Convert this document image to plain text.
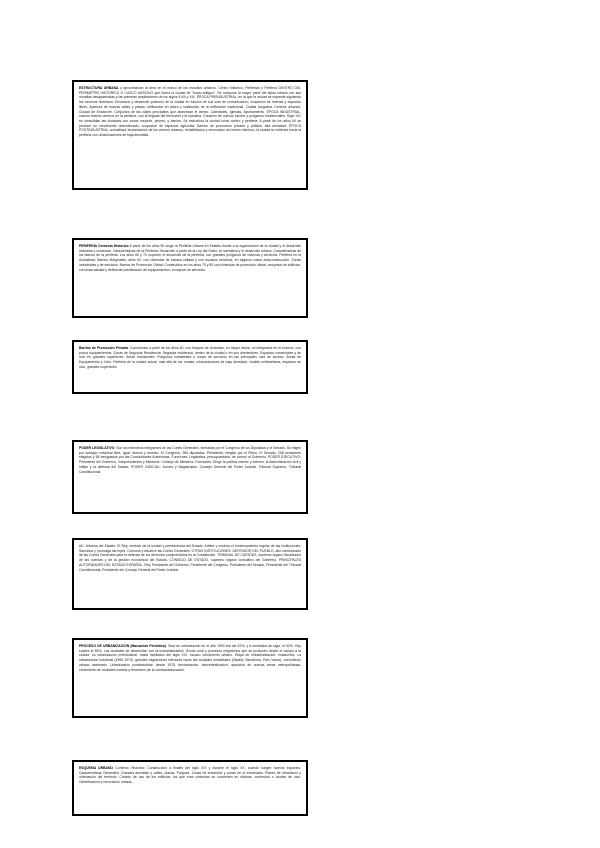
ESTRUCTURA URBANA y aproximación al área en el marco de los estudios urbanos. Centro histórico, Periferias y Periferia DENTRO DEL PERIMETRO HISTORICO O CASCO ANTIGUO que forma la ciudad de "fondo antiguo". Se compone la mayor parte del tejido urbano con sus murallas desaparecidas y las primeras ampliaciones de los siglos XVIII y XIX. ÉPOCA PREINDUSTRIAL, en la que la ciudad se expande siguiendo los caminos históricos. Ensanche y desarrollo posterior de la ciudad en función de sus vías de comunicación; ocupación de huertas y espacios libres. Apertura de nuevas calles y plazas, edificación en altura y sustitución de la edificación tradicional. Ciudad burguesa. Centros urbanos. Ciudad de Ensanche. Conjuntos de las calles principales que atraviesan el centro. Catedrales, Iglesias, Ayuntamiento. ÉPOCA INDUSTRIAL, nuevos barrios obreros en la periferia, con la llegada del ferrocarril y la industria. Creación de nuevos barrios y polígonos residenciales. Siglo XX: se consolidan las ciudades con zonas mejores, peores, y barrios. Se estructura la ciudad como centro y periferia. A partir de los años 60 se produce un crecimiento desordenado; ocupación de espacios agrícolas. Barrios de promoción privada y pública, alta densidad. ÉPOCA POSTINDUSTRIAL: actualidad, terciarización de los centros urbanos, rehabilitación y renovación del centro histórico, la ciudad se extiende hacia la periferia con urbanizaciones de baja densidad.

PERIFERIA Contexto Histórico A partir de los años 50 surge la Periferia Urbana en Estadio donde a la organización de la ciudad y el desarrollo industrial y comercial. Características de la Periferia: Desarrollo a partir de la Ley del Suelo, la normativa y el desarrollo urbano. Características de los barrios de la periferia. Los años 60 y 70 suponen el desarrollo de la periferia, con grandes polígonos de vivienda y servicios. Periferia en la Actualidad: Barrios Marginales, años 60, con viviendas de escasa calidad y con escasos servicios, en algunos casos autoconstrucción. Zonas industriales y de servicios. Barrios de Promoción Oficial: Construidos en los años 70 y 80 con viviendas de protección oficial, conjuntos de edificios, con mala calidad y deficiente planificación de equipamientos, a mejorar de servicios.

Barrios de Promoción Privada: Construidos a partir de los años 60, con bloques de viviendas, en mayor altura, no integrados en el entorno, con pocos equipamientos. Zonas de Segunda Residencia: Segunda residencia, dentro de la ciudad o en sus alrededores. Espacios comerciales y de ocio en grandes superficies. Áreas Industriales: Polígonos industriales y zonas de servicios en las principales vías de acceso. Áreas de Equipamiento y Ocio. Periferia de la ciudad actual, más allá de las rondas; urbanizaciones de baja densidad, chalets unifamiliares, espacios de ocio, grandes superficies.

PODER LEGISLATIVO: Son los miembros integrantes de las Cortes Generales, formadas por el Congreso de los Diputados y el Senado. Se eligen por sufragio universal libre, igual, directo y secreto. El Congreso: 350 diputados. Presidente: elegido por el Pleno. El Senado: 208 senadores elegidos y 58 designados por las Comunidades Autónomas. Funciones: Legislativa, presupuestaria, de control al Gobierno. PODER EJECUTIVO: Presidente del Gobierno, Vicepresidentes y Ministros. Consejo de Ministros. Funciones: Dirigir la política interior y exterior, la Administración civil y militar y la defensa del Estado. PODER JUDICIAL: Jueces y Magistrados. Consejo General del Poder Judicial. Tribunal Supremo. Tribunal Constitucional.

Art. Jefatura del Estado: El Rey, símbolo de la unidad y permanencia del Estado. Arbitra y modera el funcionamiento regular de las instituciones. Sanciona y promulga las leyes. Convoca y disuelve las Cortes Generales. OTRAS INSTITUCIONES: DEFENSOR DEL PUEBLO, alto comisionado de las Cortes Generales para la defensa de los derechos comprendidos en la Constitución. TRIBUNAL DE CUENTAS, supremo órgano fiscalizador de las cuentas y de la gestión económica del Estado. CONSEJO DE ESTADO, supremo órgano consultivo del Gobierno. PRINCIPALES AUTORIDADES DEL ESTADO ESPAÑOL: Rey, Presidente del Gobierno, Presidente del Congreso, Presidente del Senado, Presidente del Tribunal Constitucional, Presidente del Consejo General del Poder Judicial.

PROCESO DE URBANIZACIÓN (Marcación Periódica): Tasa de urbanización en el año 1900 era del 32%, y a mediados de siglo, el 52%. Hoy supera el 80%. Las ciudades se desarrollan con la industrialización. Éxodo rural y procesos migratorios que se producen desde el campo a la ciudad. La urbanización preindustrial: hasta mediados del siglo XIX, escaso crecimiento urbano. Etapa de industrialización: ensanches. La urbanización industrial (1950-1975): grandes migraciones interiores hacia las ciudades industriales (Madrid, Barcelona, País Vasco), crecimiento urbano acelerado. Urbanización postindustrial: desde 1975, terciarización, descentralización, aparición de nuevas áreas metropolitanas, crecimiento de ciudades medias y fenómeno de la contraurbanización.

ESQUEMA URBANO Contexto Histórico: Construcción a finales del siglo XIX y durante el siglo XX, cuando surgen nuevos espacios. Características Generales: Grandes avenidas y calles, plazas. Parques. Zonas de ensanche y zonas en el extrarradio. Planes de urbanismo y ordenación del territorio. Cambio de uso de los edificios: los que eran viviendas se convierten en oficinas, comercios o locales de ocio. Gentrificación y renovación urbana.
